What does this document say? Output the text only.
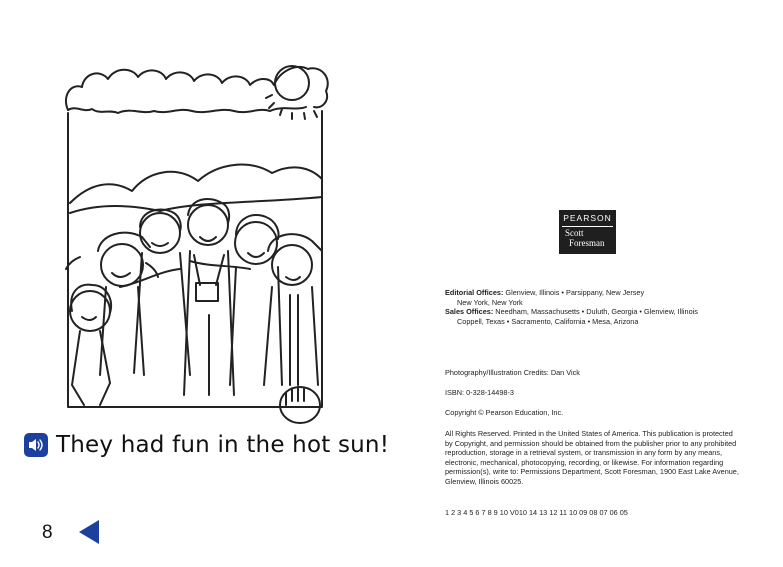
They had fun in the hot sun!
8
PEARSON
Scott
Foresman
Editorial Offices: Glenview, Illinois • Parsippany, New Jersey
New York, New York
Sales Offices: Needham, Massachusetts • Duluth, Georgia • Glenview, Illinois
Coppell, Texas • Sacramento, California • Mesa, Arizona
Photography/Illustration Credits: Dan Vick
ISBN: 0-328-14498-3
Copyright © Pearson Education, Inc.
All Rights Reserved. Printed in the United States of America. This publication is protected by Copyright, and permission should be obtained from the publisher prior to any prohibited reproduction, storage in a retrieval system, or transmission in any form by any means, electronic, mechanical, photocopying, recording, or likewise. For information regarding permission(s), write to: Permissions Department, Scott Foresman, 1900 East Lake Avenue, Glenview, Illinois 60025.
1 2 3 4 5 6 7 8 9 10 V010 14 13 12 11 10 09 08 07 06 05
